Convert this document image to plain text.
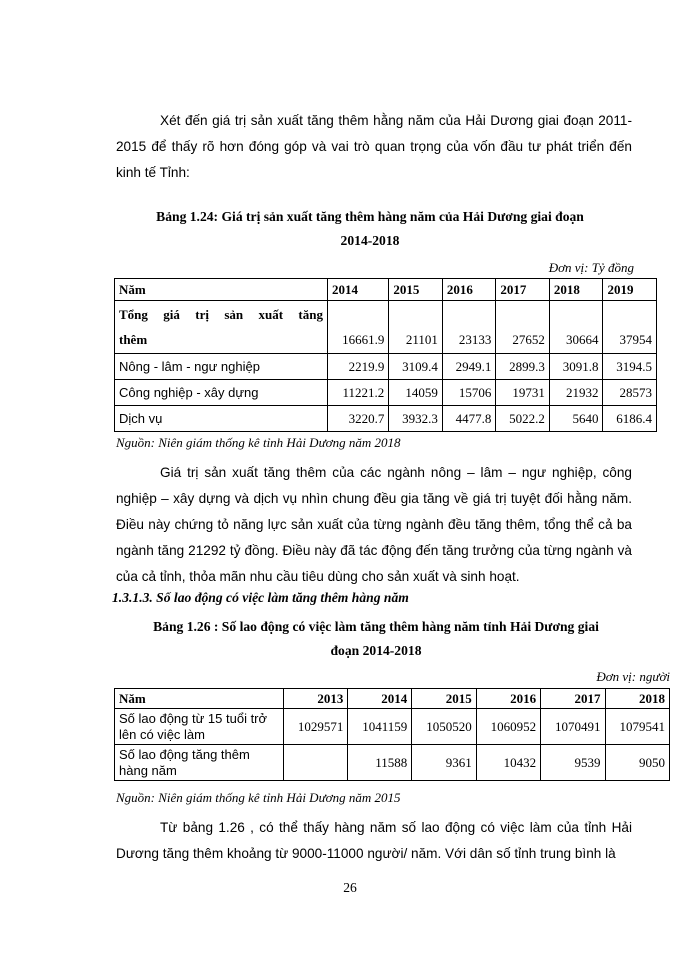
Xét đến giá trị sản xuất tăng thêm hằng năm của Hải Dương giai đoạn 2011-2015 để thấy rõ hơn đóng góp và vai trò quan trọng của vốn đầu tư phát triển đến kinh tế Tỉnh:

Bảng 1.24: Giá trị sản xuất tăng thêm hàng năm của Hải Dương giai đoạn

2014-2018

Đơn vị: Tỷ đồng

Năm	2014	2015	2016	2017	2018	2019

Tổng giá trị sản xuất tăng
thêm	16661.9	21101	23133	27652	30664	37954
Nông - lâm - ngư nghiệp	2219.9	3109.4	2949.1	2899.3	3091.8	3194.5
Công nghiệp - xây dựng	11221.2	14059	15706	19731	21932	28573
Dịch vụ	3220.7	3932.3	4477.8	5022.2	5640	6186.4

Nguồn: Niên giám thống kê tỉnh Hải Dương năm 2018

Giá trị sản xuất tăng thêm của các ngành nông – lâm – ngư nghiệp, công nghiệp – xây dựng và dịch vụ nhìn chung đều gia tăng về giá trị tuyệt đối hằng năm. Điều này chứng tỏ năng lực sản xuất của từng ngành đều tăng thêm, tổng thể cả ba ngành tăng 21292 tỷ đồng. Điều này đã tác động đến tăng trưởng của từng ngành và của cả tỉnh, thỏa mãn nhu cầu tiêu dùng cho sản xuất và sinh hoạt.

1.3.1.3. Số lao động có việc làm tăng thêm hàng năm

Bảng 1.26 : Số lao động có việc làm tăng thêm hàng năm tỉnh Hải Dương giai

đoạn 2014-2018

Đơn vị: người

Năm	2013	2014	2015	2016	2017	2018
Số lao động từ 15 tuổi trở lên có việc làm	1029571	1041159	1050520	1060952	1070491	1079541
Số lao động tăng thêm hàng năm		11588	9361	10432	9539	9050

Nguồn: Niên giám thống kê tỉnh Hải Dương năm 2015

Từ bảng 1.26 , có thể thấy hàng năm số lao động có việc làm của tỉnh Hải Dương tăng thêm khoảng từ 9000-11000 người/ năm. Với dân số tỉnh trung bình là

26
